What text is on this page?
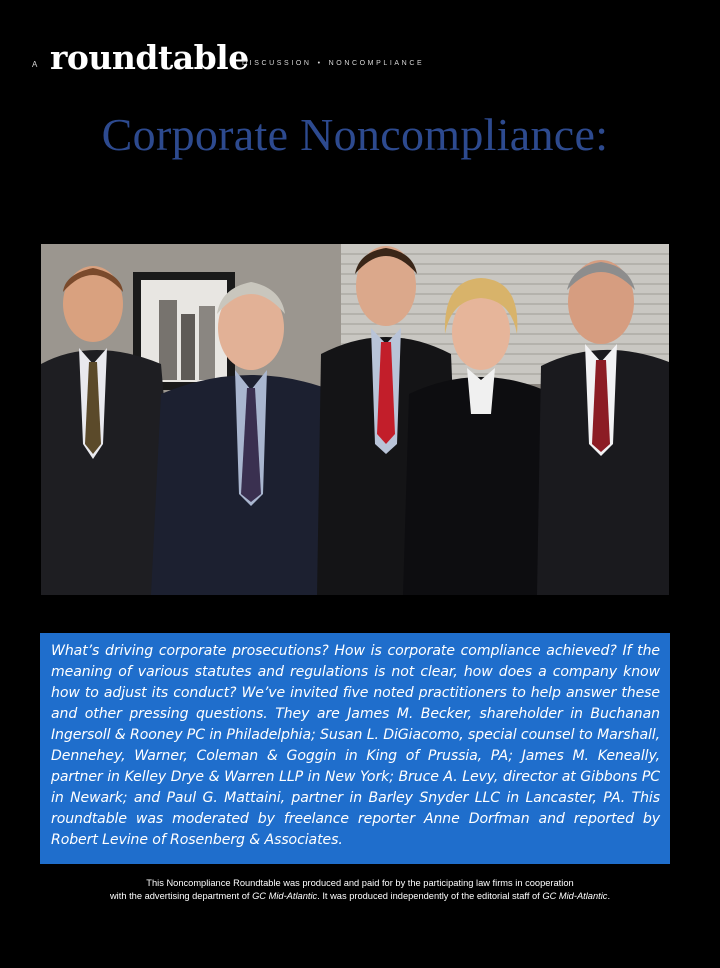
A roundtable
DISCUSSION • NONCOMPLIANCE
Corporate Noncompliance:

What’s driving corporate prosecutions? How is corporate compliance achieved? If the meaning of various statutes and regulations is not clear, how does a company know how to adjust its conduct? We’ve invited five noted practitioners to help answer these and other pressing questions. They are James M. Becker, shareholder in Buchanan Ingersoll & Rooney PC in Philadelphia; Susan L. DiGiacomo, special counsel to Marshall, Dennehey, Warner, Coleman & Goggin in King of Prussia, PA; James M. Keneally, partner in Kelley Drye & Warren LLP in New York; Bruce A. Levy, director at Gibbons PC in Newark; and Paul G. Mattaini, partner in Barley Snyder LLC in Lancaster, PA. This roundtable was moderated by freelance reporter Anne Dorfman and reported by Robert Levine of Rosenberg & Associates.

This Noncompliance Roundtable was produced and paid for by the participating law firms in cooperation
with the advertising department of GC Mid-Atlantic. It was produced independently of the editorial staff of GC Mid-Atlantic.
